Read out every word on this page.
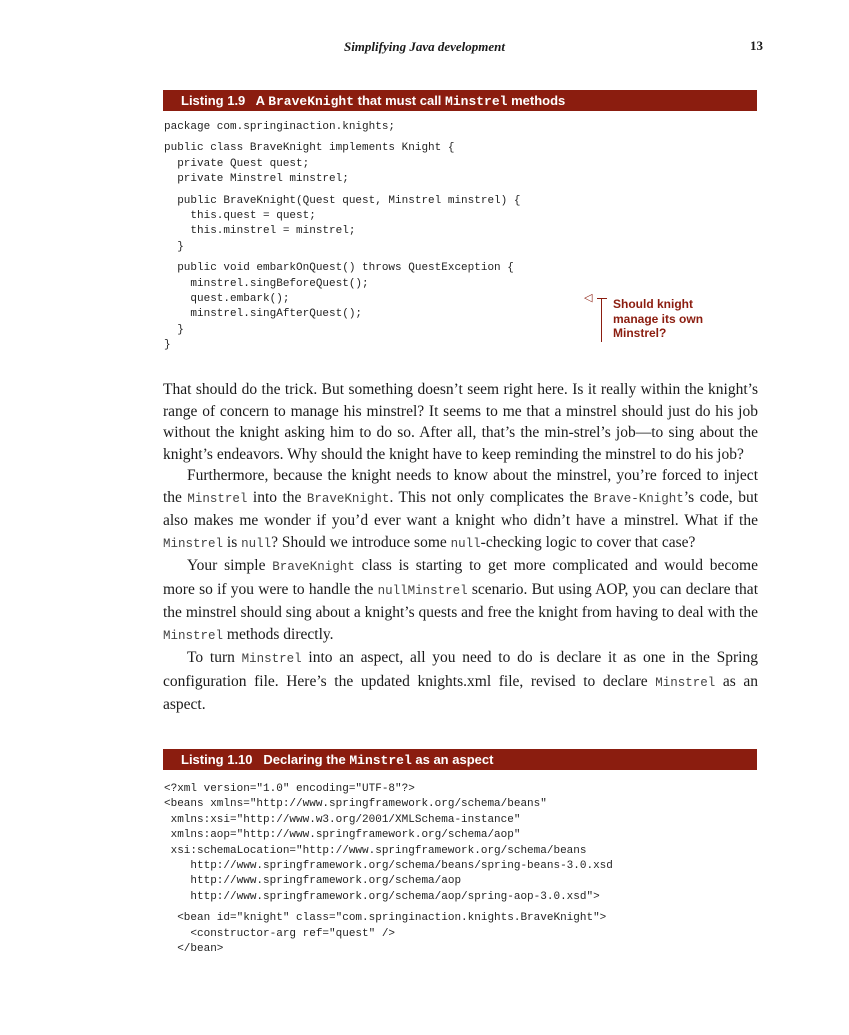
Simplifying Java development	13
Listing 1.9 A BraveKnight that must call Minstrel methods
package com.springinaction.knights;
public class BraveKnight implements Knight {
private Quest quest;
private Minstrel minstrel;
public BraveKnight(Quest quest, Minstrel minstrel) {
this.quest = quest;
this.minstrel = minstrel;
}
public void embarkOnQuest() throws QuestException {
minstrel.singBeforeQuest();
quest.embark();
minstrel.singAfterQuest();
}
}
◁ Should knight
manage its own
Minstrel?

That should do the trick. But something doesn’t seem right here. Is it really within the knight’s range of concern to manage his minstrel? It seems to me that a minstrel should just do his job without the knight asking him to do so. After all, that’s the min-strel’s job—to sing about the knight’s endeavors. Why should the knight have to keep reminding the minstrel to do his job?

Furthermore, because the knight needs to know about the minstrel, you’re forced to inject the Minstrel into the BraveKnight. This not only complicates the Brave-Knight’s code, but also makes me wonder if you’d ever want a knight who didn’t have a minstrel. What if the Minstrel is null? Should we introduce some null-checking logic to cover that case?

Your simple BraveKnight class is starting to get more complicated and would become more so if you were to handle the nullMinstrel scenario. But using AOP, you can declare that the minstrel should sing about a knight’s quests and free the knight from having to deal with the Minstrel methods directly.

To turn Minstrel into an aspect, all you need to do is declare it as one in the Spring configuration file. Here’s the updated knights.xml file, revised to declare Minstrel as an aspect.

Listing 1.10 Declaring the Minstrel as an aspect
<?xml version="1.0" encoding="UTF-8"?>
<beans xmlns="http://www.springframework.org/schema/beans"
xmlns:xsi="http://www.w3.org/2001/XMLSchema-instance"
xmlns:aop="http://www.springframework.org/schema/aop"
xsi:schemaLocation="http://www.springframework.org/schema/beans
http://www.springframework.org/schema/beans/spring-beans-3.0.xsd
http://www.springframework.org/schema/aop
http://www.springframework.org/schema/aop/spring-aop-3.0.xsd">
<bean id="knight" class="com.springinaction.knights.BraveKnight">
<constructor-arg ref="quest" />
</bean>
